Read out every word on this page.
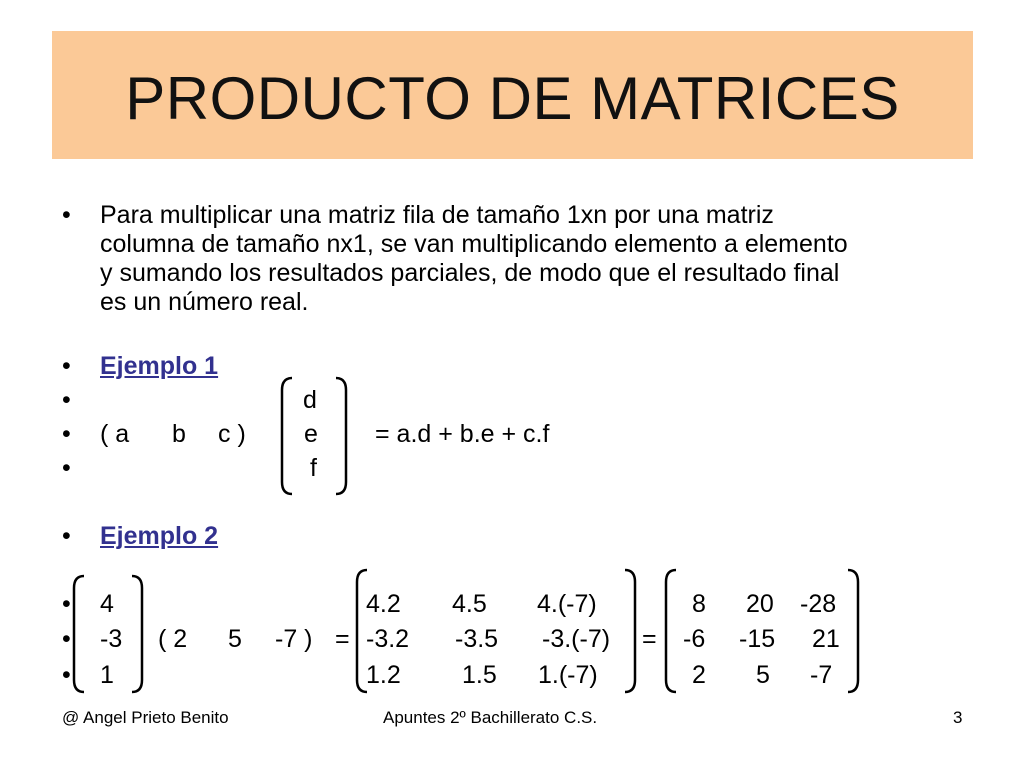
PRODUCTO DE MATRICES
• Para multiplicar una matriz fila de tamaño 1xn por una matriz
columna de tamaño nx1, se van multiplicando elemento a elemento
y sumando los resultados parciales, de modo que el resultado final
es un número real.
• Ejemplo 1
•
•
•
( a b c )
d
e
f
= a.d + b.e + c.f
• Ejemplo 2
•
•
•
4
-3
1
( 2 5 -7 ) =
4.2 4.5 4.(-7)
-3.2 -3.5 -3.(-7)
1.2 1.5 1.(-7)
=
8 20 -28
-6 -15 21
2 5 -7
@ Angel Prieto Benito	Apuntes 2º Bachillerato C.S.	3
